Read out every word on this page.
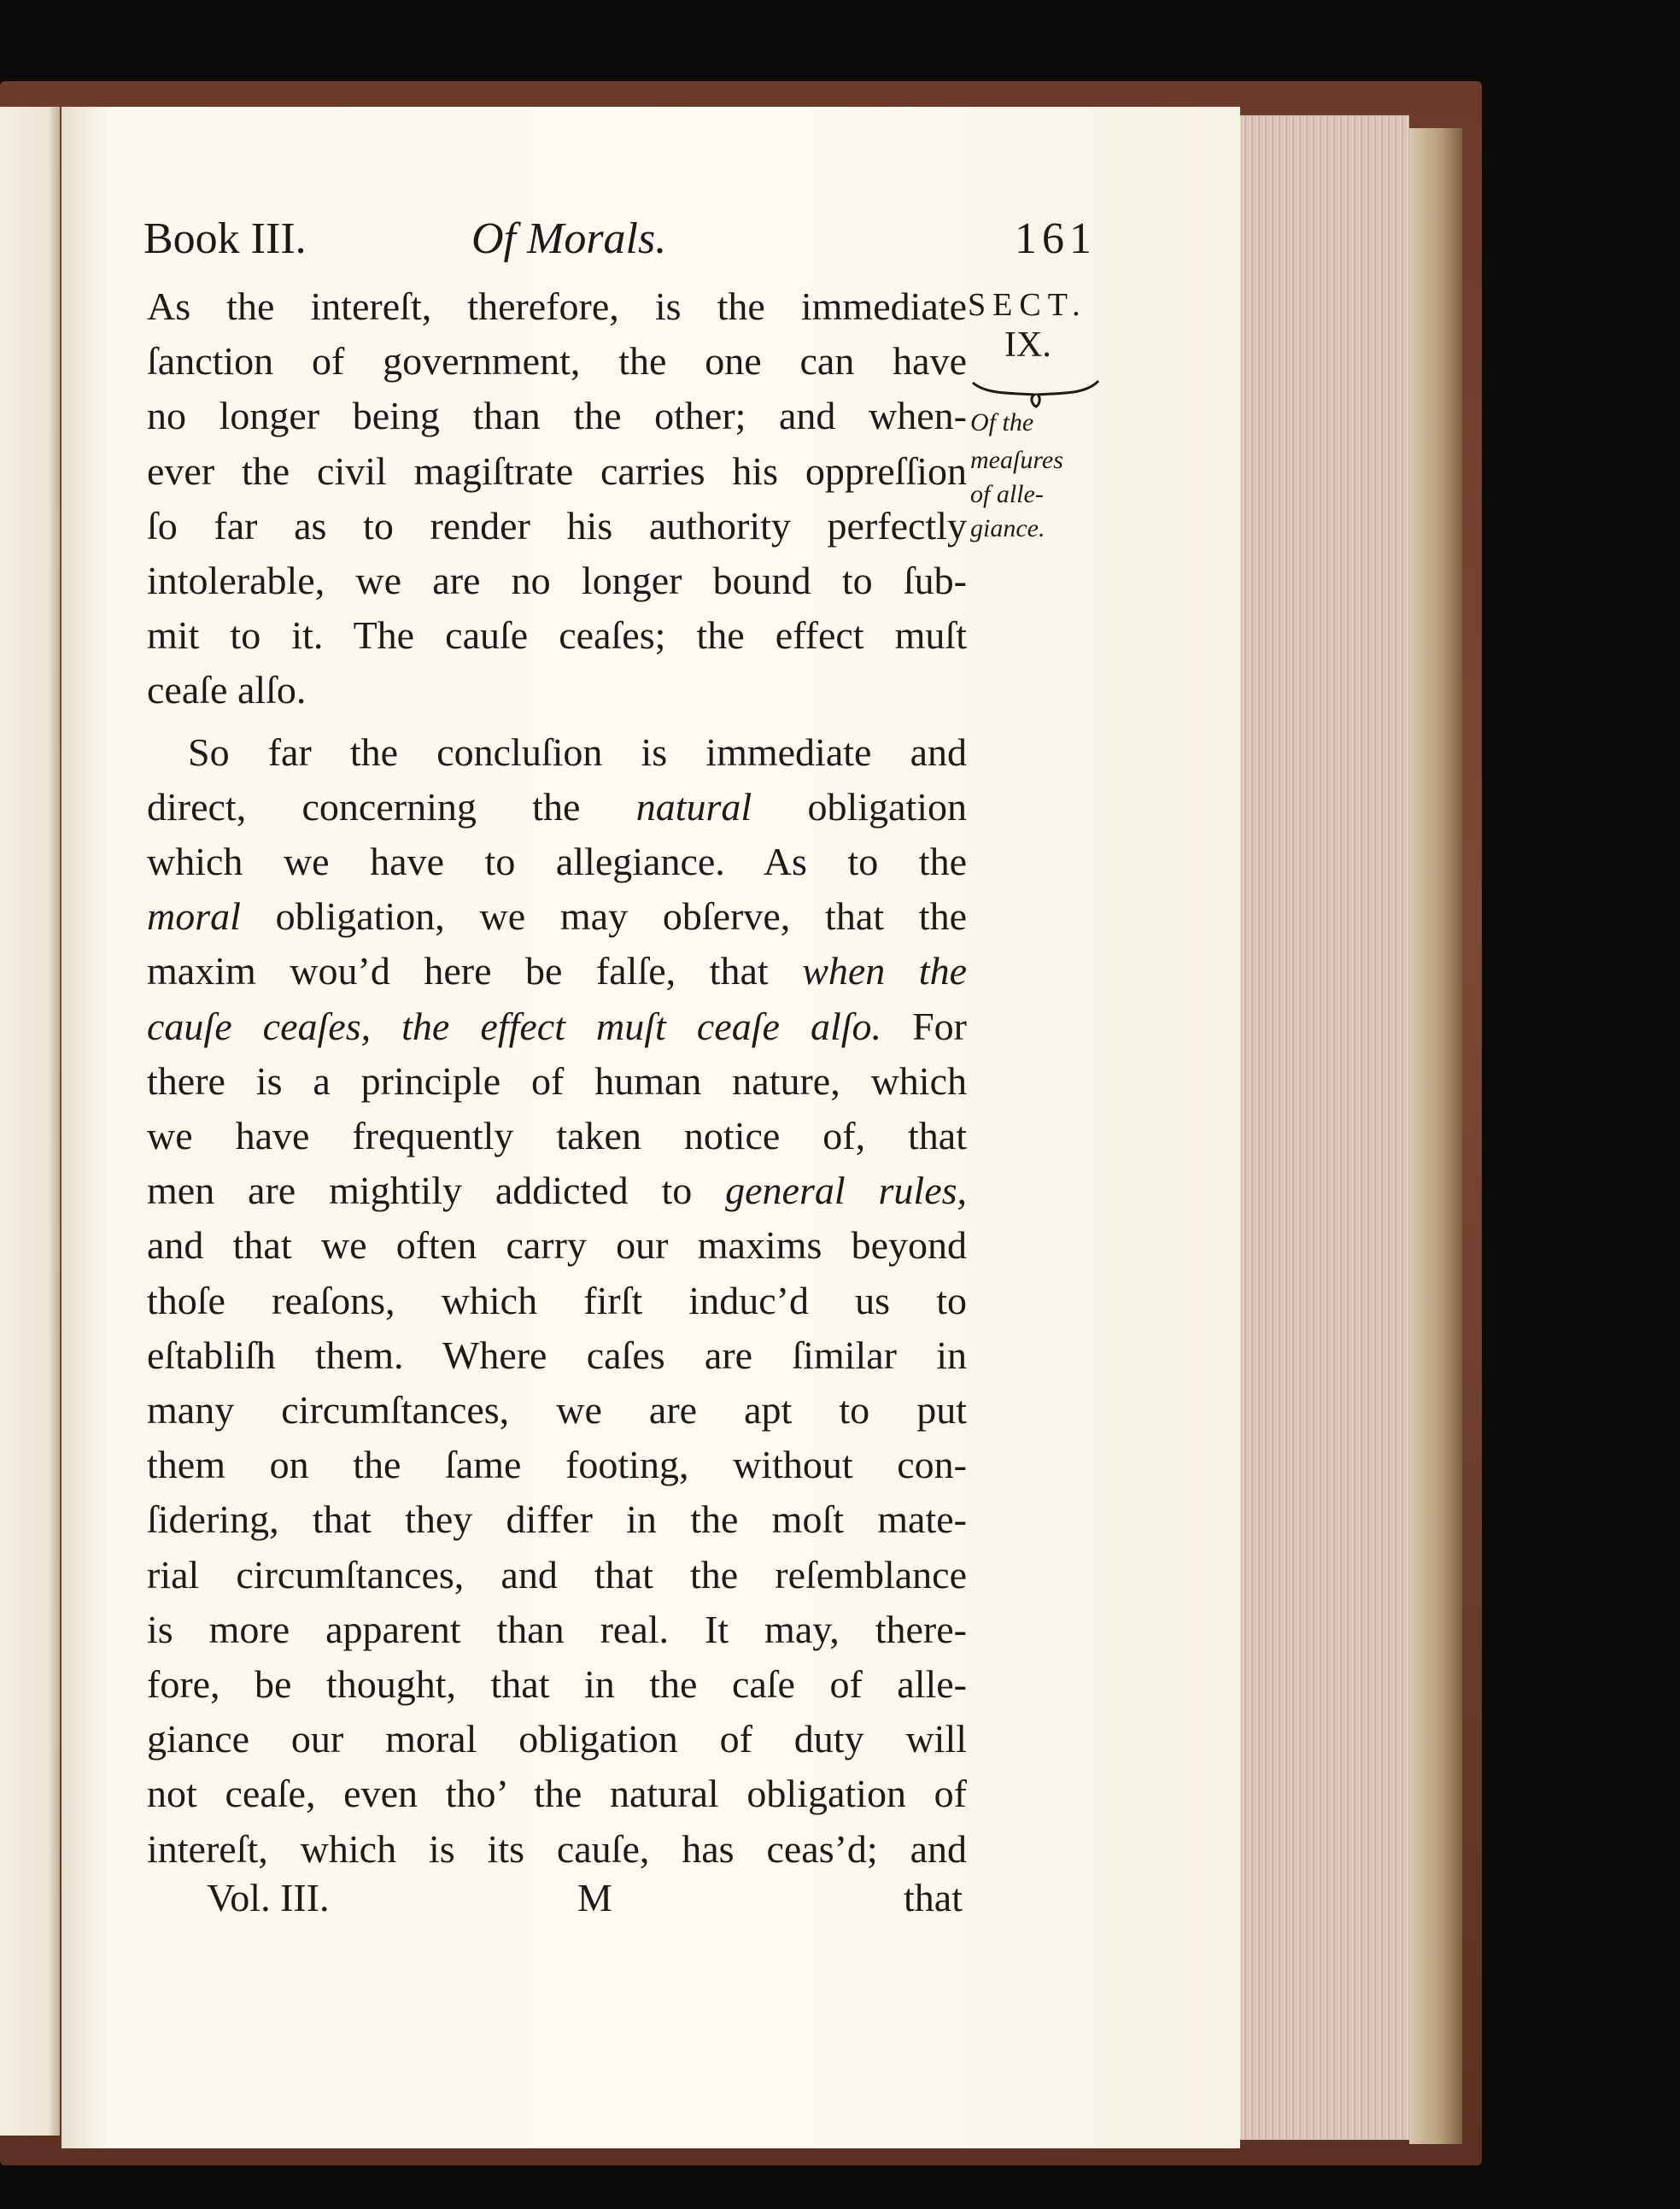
Book III.	Of Morals.	161
SECT.
IX.
Of the
meaſures
of alle-
giance.
As the intereſt, therefore, is the immediate
ſanction of government, the one can have
no longer being than the other; and when-
ever the civil magiſtrate carries his oppreſſion
ſo far as to render his authority perfectly
intolerable, we are no longer bound to ſub-
mit to it. The cauſe ceaſes; the effect muſt
ceaſe alſo.
So far the concluſion is immediate and
direct, concerning the natural obligation
which we have to allegiance. As to the
moral obligation, we may obſerve, that the
maxim wou’d here be falſe, that when the
cauſe ceaſes, the effect muſt ceaſe alſo. For
there is a principle of human nature, which
we have frequently taken notice of, that
men are mightily addicted to general rules,
and that we often carry our maxims beyond
thoſe reaſons, which firſt induc’d us to
eſtabliſh them. Where caſes are ſimilar in
many circumſtances, we are apt to put
them on the ſame footing, without con-
ſidering, that they differ in the moſt mate-
rial circumſtances, and that the reſemblance
is more apparent than real. It may, there-
fore, be thought, that in the caſe of alle-
giance our moral obligation of duty will
not ceaſe, even tho’ the natural obligation of
intereſt, which is its cauſe, has ceas’d; and
Vol. III.	M	that
